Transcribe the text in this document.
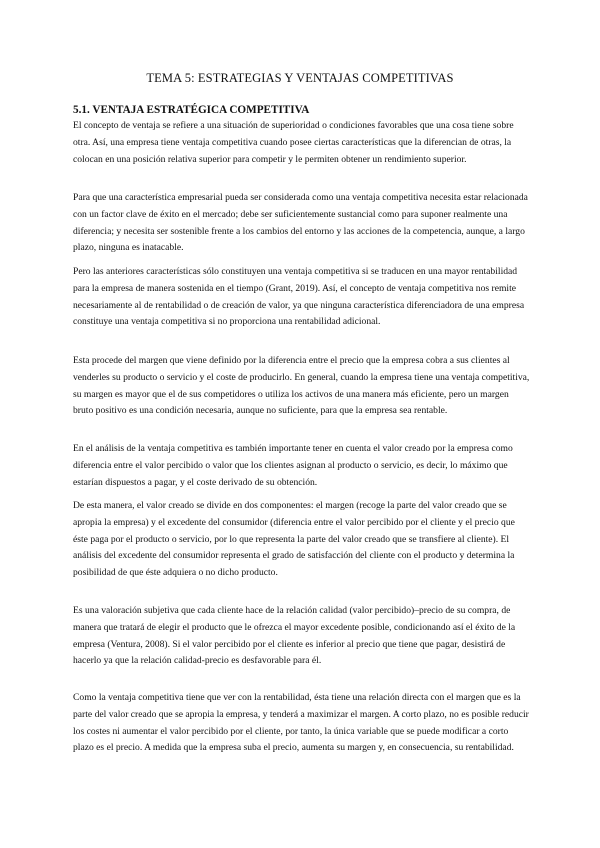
TEMA 5: ESTRATEGIAS Y VENTAJAS COMPETITIVAS
5.1. VENTAJA ESTRATÉGICA COMPETITIVA

El concepto de ventaja se refiere a una situación de superioridad o condiciones favorables que una cosa tiene sobre otra. Así, una empresa tiene ventaja competitiva cuando posee ciertas características que la diferencian de otras, la colocan en una posición relativa superior para competir y le permiten obtener un rendimiento superior.

Para que una característica empresarial pueda ser considerada como una ventaja competitiva necesita estar relacionada con un factor clave de éxito en el mercado; debe ser suficientemente sustancial como para suponer realmente una diferencia; y necesita ser sostenible frente a los cambios del entorno y las acciones de la competencia, aunque, a largo plazo, ninguna es inatacable.

Pero las anteriores características sólo constituyen una ventaja competitiva si se traducen en una mayor rentabilidad para la empresa de manera sostenida en el tiempo (Grant, 2019). Así, el concepto de ventaja competitiva nos remite necesariamente al de rentabilidad o de creación de valor, ya que ninguna característica diferenciadora de una empresa constituye una ventaja competitiva si no proporciona una rentabilidad adicional.

Esta procede del margen que viene definido por la diferencia entre el precio que la empresa cobra a sus clientes al venderles su producto o servicio y el coste de producirlo. En general, cuando la empresa tiene una ventaja competitiva, su margen es mayor que el de sus competidores o utiliza los activos de una manera más eficiente, pero un margen bruto positivo es una condición necesaria, aunque no suficiente, para que la empresa sea rentable.

En el análisis de la ventaja competitiva es también importante tener en cuenta el valor creado por la empresa como diferencia entre el valor percibido o valor que los clientes asignan al producto o servicio, es decir, lo máximo que estarían dispuestos a pagar, y el coste derivado de su obtención.

De esta manera, el valor creado se divide en dos componentes: el margen (recoge la parte del valor creado que se apropia la empresa) y el excedente del consumidor (diferencia entre el valor percibido por el cliente y el precio que éste paga por el producto o servicio, por lo que representa la parte del valor creado que se transfiere al cliente). El análisis del excedente del consumidor representa el grado de satisfacción del cliente con el producto y determina la posibilidad de que éste adquiera o no dicho producto.

Es una valoración subjetiva que cada cliente hace de la relación calidad (valor percibido)–precio de su compra, de manera que tratará de elegir el producto que le ofrezca el mayor excedente posible, condicionando así el éxito de la empresa (Ventura, 2008). Si el valor percibido por el cliente es inferior al precio que tiene que pagar, desistirá de hacerlo ya que la relación calidad-precio es desfavorable para él.

Como la ventaja competitiva tiene que ver con la rentabilidad, ésta tiene una relación directa con el margen que es la parte del valor creado que se apropia la empresa, y tenderá a maximizar el margen. A corto plazo, no es posible reducir los costes ni aumentar el valor percibido por el cliente, por tanto, la única variable que se puede modificar a corto plazo es el precio. A medida que la empresa suba el precio, aumenta su margen y, en consecuencia, su rentabilidad.
